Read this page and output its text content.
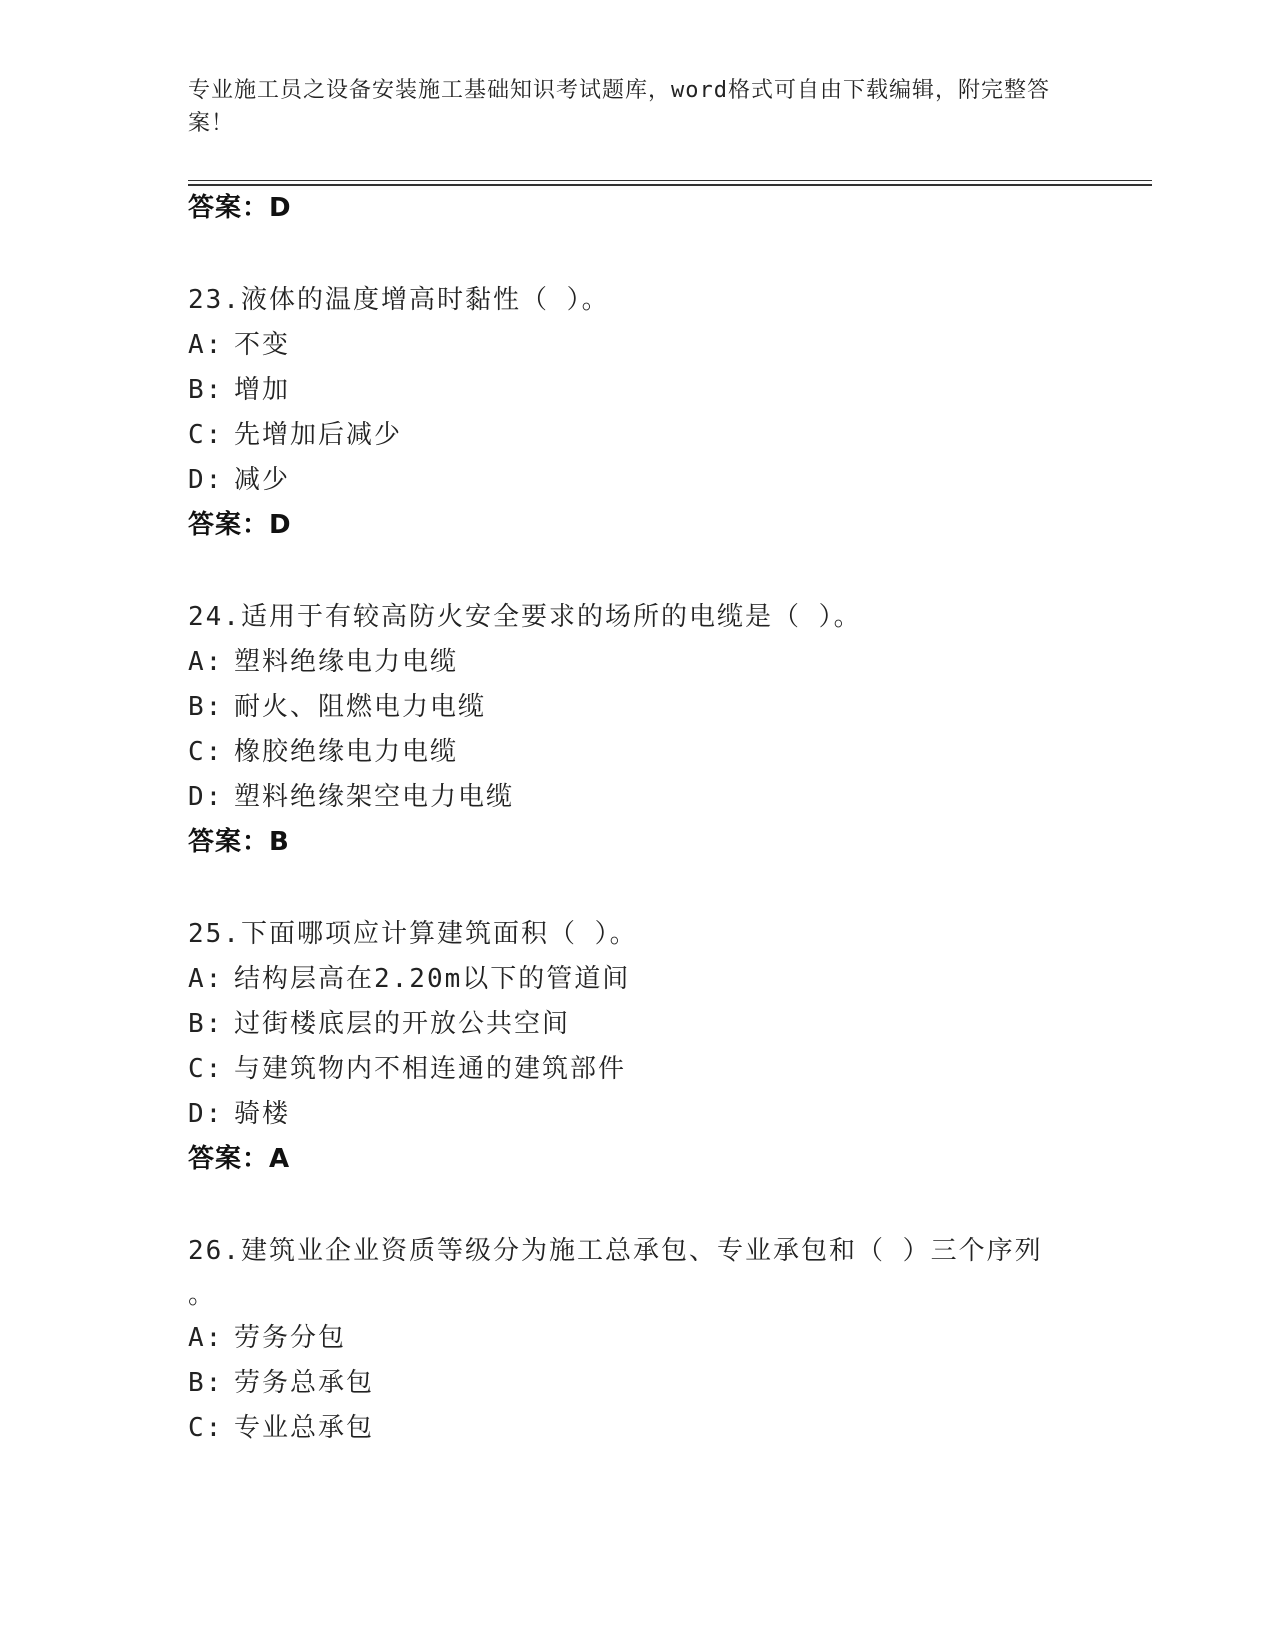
专业施工员之设备安装施工基础知识考试题库，word格式可自由下载编辑，附完整答案！
答案：D
23.液体的温度增高时黏性（ ）。
A: 不变
B: 增加
C: 先增加后减少
D: 减少
答案：D
24.适用于有较高防火安全要求的场所的电缆是（ ）。
A: 塑料绝缘电力电缆
B: 耐火、阻燃电力电缆
C: 橡胶绝缘电力电缆
D: 塑料绝缘架空电力电缆
答案：B
25.下面哪项应计算建筑面积（ ）。
A: 结构层高在2.20m以下的管道间
B: 过街楼底层的开放公共空间
C: 与建筑物内不相连通的建筑部件
D: 骑楼
答案：A
26.建筑业企业资质等级分为施工总承包、专业承包和（ ）三个序列
。
A: 劳务分包
B: 劳务总承包
C: 专业总承包
